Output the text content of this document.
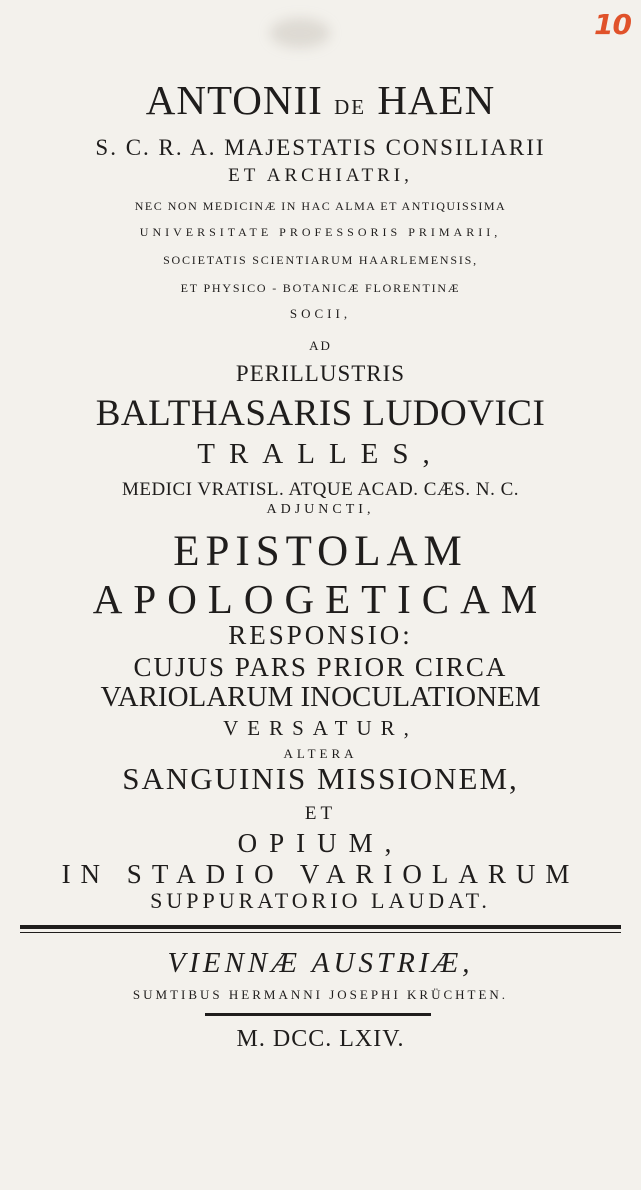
10
ANTONII DE HAEN
S. C. R. A. MAJESTATIS CONSILIARII
ET ARCHIATRI,
NEC NON MEDICINÆ IN HAC ALMA ET ANTIQUISSIMA
UNIVERSITATE PROFESSORIS PRIMARII,
SOCIETATIS SCIENTIARUM HAARLEMENSIS,
ET PHYSICO - BOTANICÆ FLORENTINÆ
SOCII,
AD
PERILLUSTRIS
BALTHASARIS LUDOVICI
TRALLES,
MEDICI VRATISL. ATQUE ACAD. CÆS. N. C.
ADJUNCTI,
EPISTOLAM
APOLOGETICAM
RESPONSIO:
CUJUS PARS PRIOR CIRCA
VARIOLARUM INOCULATIONEM
VERSATUR,
ALTERA
SANGUINIS MISSIONEM,
ET
OPIUM,
IN STADIO VARIOLARUM
SUPPURATORIO LAUDAT.
VIENNÆ AUSTRIÆ,
SUMTIBUS HERMANNI JOSEPHI KRÜCHTEN.
M. DCC. LXIV.
